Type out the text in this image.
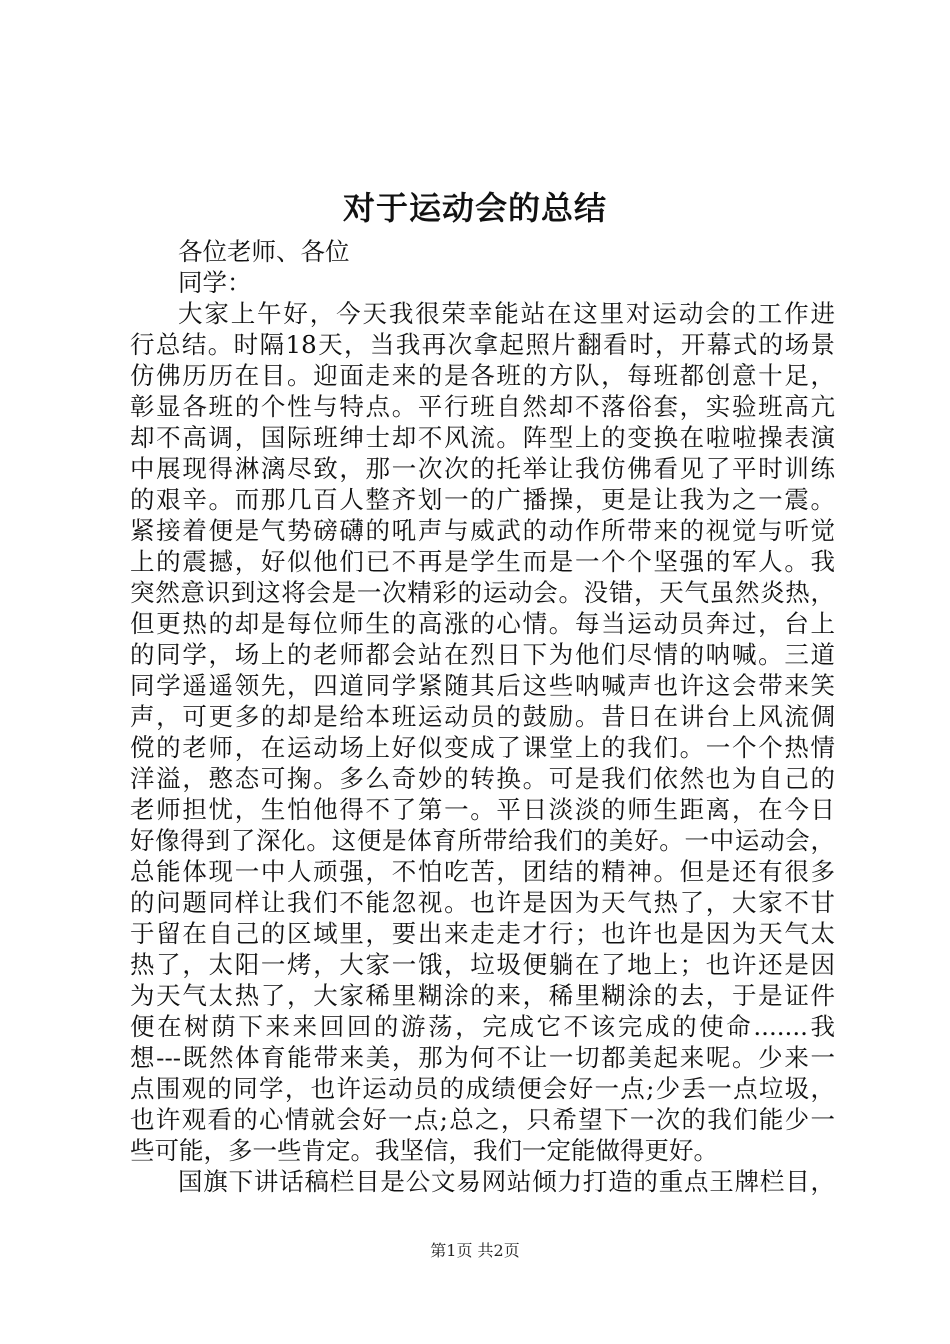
对于运动会的总结
各位老师、各位
同学：
大家上午好，今天我很荣幸能站在这里对运动会的工作进
行总结。时隔18天，当我再次拿起照片翻看时，开幕式的场景
仿佛历历在目。迎面走来的是各班的方队，每班都创意十足，
彰显各班的个性与特点。平行班自然却不落俗套，实验班高亢
却不高调，国际班绅士却不风流。阵型上的变换在啦啦操表演
中展现得淋漓尽致，那一次次的托举让我仿佛看见了平时训练
的艰辛。而那几百人整齐划一的广播操，更是让我为之一震。
紧接着便是气势磅礴的吼声与威武的动作所带来的视觉与听觉
上的震撼，好似他们已不再是学生而是一个个坚强的军人。我
突然意识到这将会是一次精彩的运动会。没错，天气虽然炎热，
但更热的却是每位师生的高涨的心情。每当运动员奔过，台上
的同学，场上的老师都会站在烈日下为他们尽情的呐喊。三道
同学遥遥领先，四道同学紧随其后这些呐喊声也许这会带来笑
声，可更多的却是给本班运动员的鼓励。昔日在讲台上风流倜
傥的老师，在运动场上好似变成了课堂上的我们。一个个热情
洋溢，憨态可掬。多么奇妙的转换。可是我们依然也为自己的
老师担忧，生怕他得不了第一。平日淡淡的师生距离，在今日
好像得到了深化。这便是体育所带给我们的美好。一中运动会，
总能体现一中人顽强，不怕吃苦，团结的精神。但是还有很多
的问题同样让我们不能忽视。也许是因为天气热了，大家不甘
于留在自己的区域里，要出来走走才行；也许也是因为天气太
热了，太阳一烤，大家一饿，垃圾便躺在了地上；也许还是因
为天气太热了，大家稀里糊涂的来，稀里糊涂的去，于是证件
便在树荫下来来回回的游荡，完成它不该完成的使命.......我
想---既然体育能带来美，那为何不让一切都美起来呢。少来一
点围观的同学，也许运动员的成绩便会好一点;少丢一点垃圾，
也许观看的心情就会好一点;总之，只希望下一次的我们能少一
些可能，多一些肯定。我坚信，我们一定能做得更好。
国旗下讲话稿栏目是公文易网站倾力打造的重点王牌栏目，
第1页 共2页
